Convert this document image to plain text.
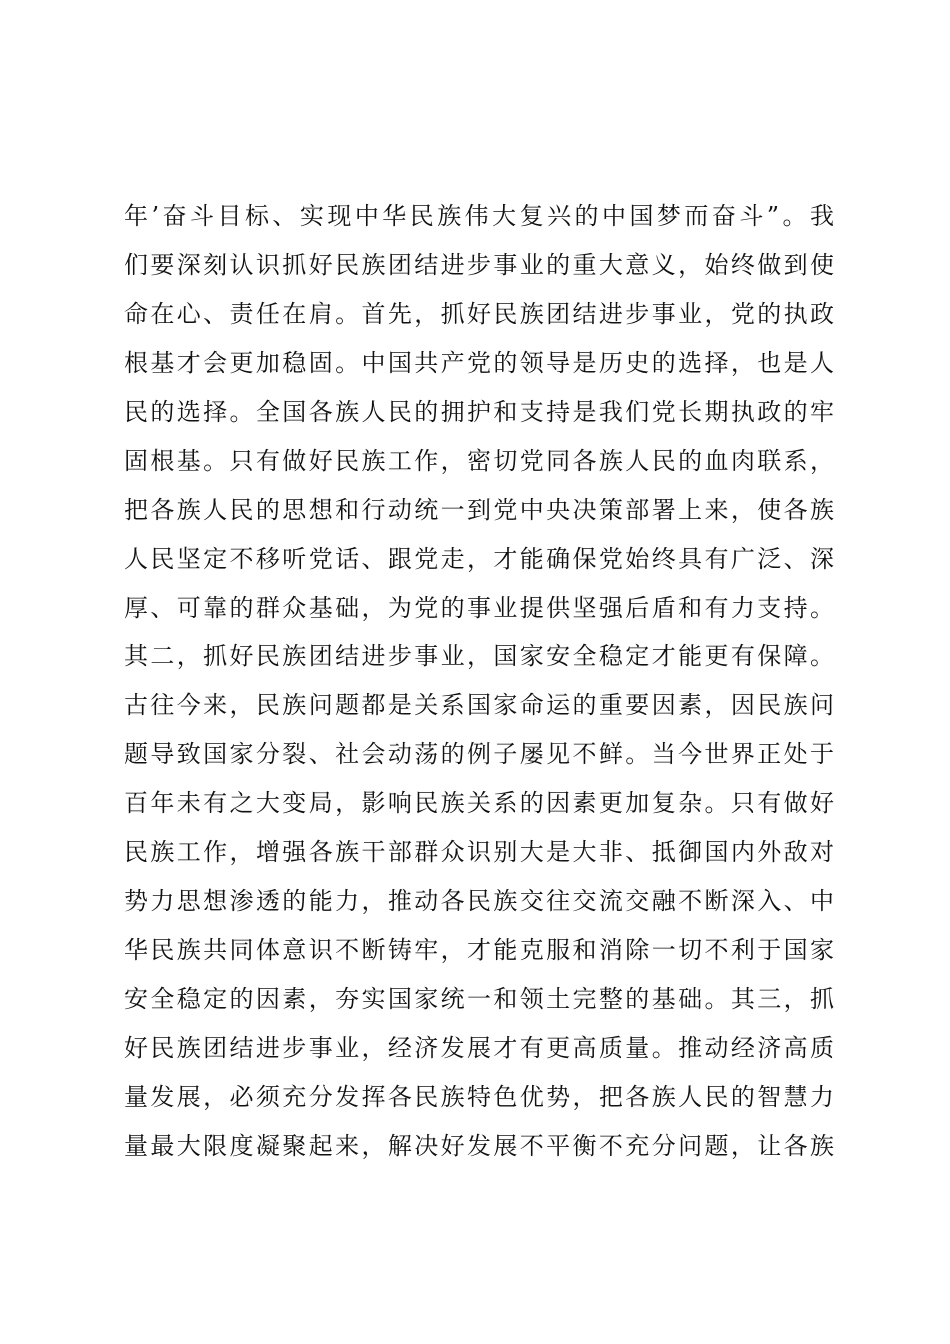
年’奋斗目标、实现中华民族伟大复兴的中国梦而奋斗”。我
们要深刻认识抓好民族团结进步事业的重大意义，始终做到使
命在心、责任在肩。首先，抓好民族团结进步事业，党的执政
根基才会更加稳固。中国共产党的领导是历史的选择，也是人
民的选择。全国各族人民的拥护和支持是我们党长期执政的牢
固根基。只有做好民族工作，密切党同各族人民的血肉联系，
把各族人民的思想和行动统一到党中央决策部署上来，使各族
人民坚定不移听党话、跟党走，才能确保党始终具有广泛、深
厚、可靠的群众基础，为党的事业提供坚强后盾和有力支持。
其二，抓好民族团结进步事业，国家安全稳定才能更有保障。
古往今来，民族问题都是关系国家命运的重要因素，因民族问
题导致国家分裂、社会动荡的例子屡见不鲜。当今世界正处于
百年未有之大变局，影响民族关系的因素更加复杂。只有做好
民族工作，增强各族干部群众识别大是大非、抵御国内外敌对
势力思想渗透的能力，推动各民族交往交流交融不断深入、中
华民族共同体意识不断铸牢，才能克服和消除一切不利于国家
安全稳定的因素，夯实国家统一和领土完整的基础。其三，抓
好民族团结进步事业，经济发展才有更高质量。推动经济高质
量发展，必须充分发挥各民族特色优势，把各族人民的智慧力
量最大限度凝聚起来，解决好发展不平衡不充分问题，让各族
